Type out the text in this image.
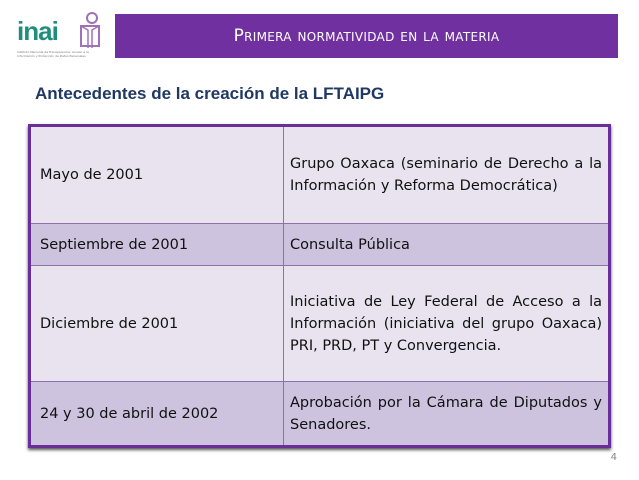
inai
Instituto Nacional de Transparencia, Acceso a la Información y Protección de Datos Personales
Primera normatividad en la materia
Antecedentes de la creación de la LFTAIPG
Mayo de 2001
Grupo Oaxaca (seminario de Derecho a la Información y Reforma Democrática)
Septiembre de 2001	Consulta Pública
Diciembre de 2001
Iniciativa de Ley Federal de Acceso a la Información (iniciativa del grupo Oaxaca) PRI, PRD, PT y Convergencia.
24 y 30 de abril de 2002
Aprobación por la Cámara de Diputados y Senadores.
4
